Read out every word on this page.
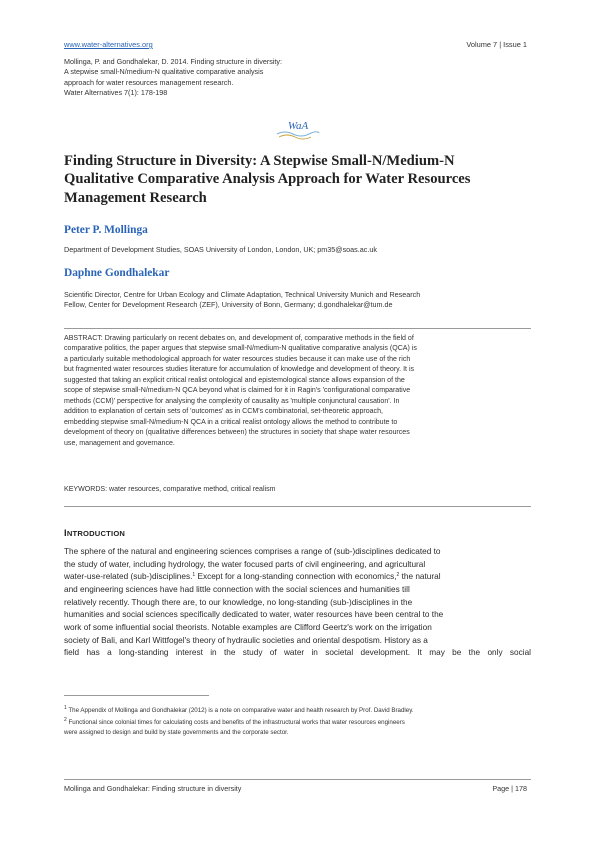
www.water-alternatives.org	Volume 7 | Issue 1
Mollinga, P. and Gondhalekar, D. 2014. Finding structure in diversity:
A stepwise small-N/medium-N qualitative comparative analysis
approach for water resources management research.
Water Alternatives 7(1): 178-198
WaA
Finding Structure in Diversity: A Stepwise Small-N/Medium-N
Qualitative Comparative Analysis Approach for Water Resources
Management Research
Peter P. Mollinga
Department of Development Studies, SOAS University of London, London, UK; pm35@soas.ac.uk
Daphne Gondhalekar
Scientific Director, Centre for Urban Ecology and Climate Adaptation, Technical University Munich and Research
Fellow, Center for Development Research (ZEF), University of Bonn, Germany; d.gondhalekar@tum.de
ABSTRACT: Drawing particularly on recent debates on, and development of, comparative methods in the field of
comparative politics, the paper argues that stepwise small-N/medium-N qualitative comparative analysis (QCA) is
a particularly suitable methodological approach for water resources studies because it can make use of the rich
but fragmented water resources studies literature for accumulation of knowledge and development of theory. It is
suggested that taking an explicit critical realist ontological and epistemological stance allows expansion of the
scope of stepwise small-N/medium-N QCA beyond what is claimed for it in Ragin's 'configurational comparative
methods (CCM)' perspective for analysing the complexity of causality as 'multiple conjunctural causation'. In
addition to explanation of certain sets of 'outcomes' as in CCM's combinatorial, set-theoretic approach,
embedding stepwise small-N/medium-N QCA in a critical realist ontology allows the method to contribute to
development of theory on (qualitative differences between) the structures in society that shape water resources
use, management and governance.
KEYWORDS: water resources, comparative method, critical realism
INTRODUCTION
The sphere of the natural and engineering sciences comprises a range of (sub-)disciplines dedicated to
the study of water, including hydrology, the water focused parts of civil engineering, and agricultural
water-use-related (sub-)disciplines.$^1$ Except for a long-standing connection with economics,$^2$ the natural
and engineering sciences have had little connection with the social sciences and humanities till
relatively recently. Though there are, to our knowledge, no long-standing (sub-)disciplines in the
humanities and social sciences specifically dedicated to water, water resources have been central to the
work of some influential social theorists. Notable examples are Clifford Geertz's work on the irrigation
society of Bali, and Karl Wittfogel's theory of hydraulic societies and oriental despotism. History as a
field has a long-standing interest in the study of water in societal development. It may be the only social
$^1$ The Appendix of Mollinga and Gondhalekar (2012) is a note on comparative water and health research by Prof. David Bradley.
$^2$ Functional since colonial times for calculating costs and benefits of the infrastructural works that water resources engineers
were assigned to design and build by state governments and the corporate sector.
Mollinga and Gondhalekar: Finding structure in diversity	Page | 178
